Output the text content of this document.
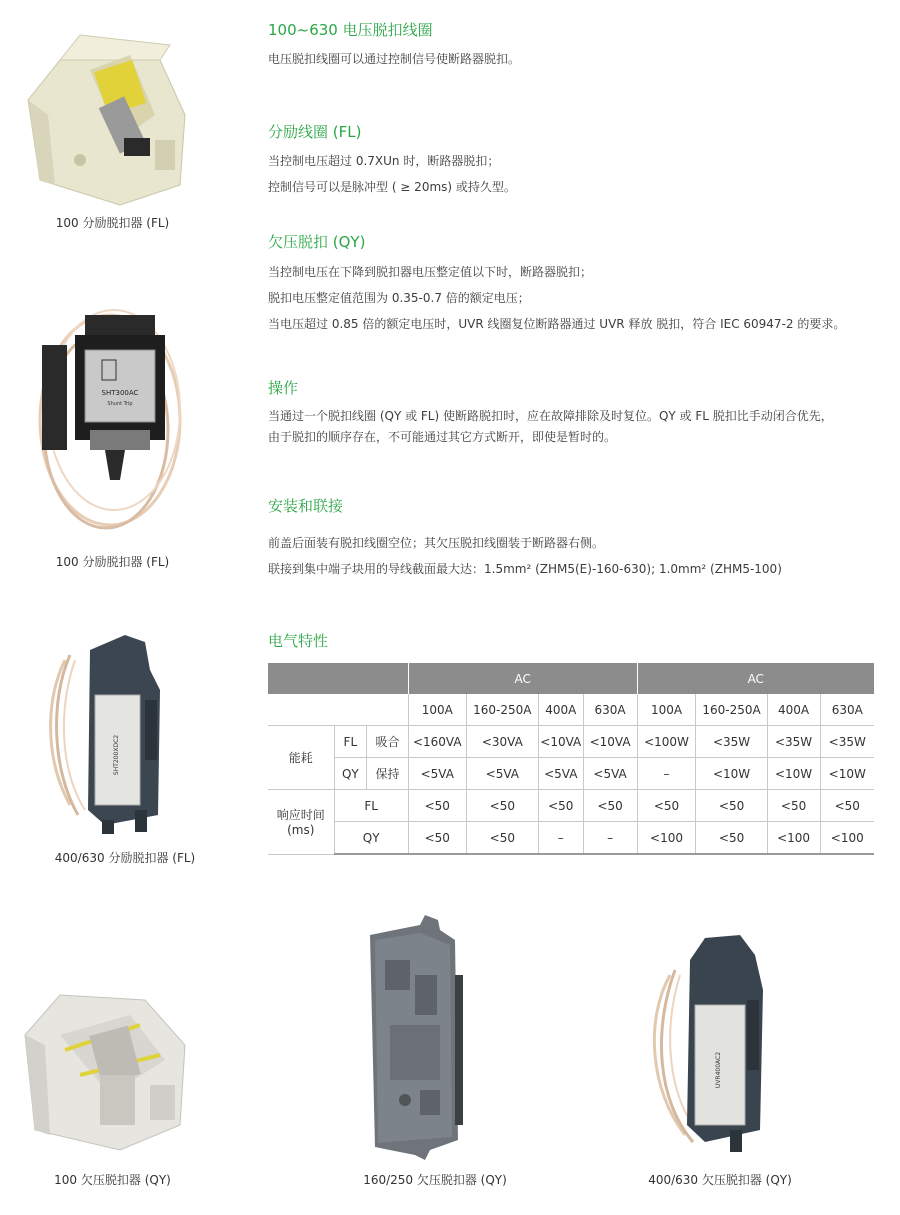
100 分励脱扣器 (FL)
SHT300AC
Shunt Trip
100 分励脱扣器 (FL)
SHT200XDC2
400/630 分励脱扣器 (FL)
100 欠压脱扣器 (QY)	160/250 欠压脱扣器 (QY)
UVR400AC2
400/630 欠压脱扣器 (QY)
100~630 电压脱扣线圈
电压脱扣线圈可以通过控制信号使断路器脱扣。
分励线圈 (FL)
当控制电压超过 0.7XUn 时，断路器脱扣；
控制信号可以是脉冲型 ( ≥ 20ms) 或持久型。
欠压脱扣 (QY)
当控制电压在下降到脱扣器电压整定值以下时，断路器脱扣；
脱扣电压整定值范围为 0.35-0.7 倍的额定电压；
当电压超过 0.85 倍的额定电压时，UVR 线圈复位断路器通过 UVR 释放 脱扣，符合 IEC 60947-2 的要求。
操作
当通过一个脱扣线圈 (QY 或 FL) 使断路脱扣时，应在故障排除及时复位。QY 或 FL 脱扣比手动闭合优先，
由于脱扣的顺序存在，不可能通过其它方式断开，即使是暂时的。
安装和联接
前盖后面装有脱扣线圈空位；其欠压脱扣线圈装于断路器右侧。
联接到集中端子块用的导线截面最大达：1.5mm² (ZHM5(E)-160-630); 1.0mm² (ZHM5-100)
电气特性
			AC				AC			
			100A	160-250A	400A	630A	100A	160-250A	400A	630A
能耗	FL	吸合	<160VA	<30VA	<10VA	<10VA	<100W	<35W	<35W	<35W
	QY	保持	<5VA	<5VA	<5VA	<5VA	–	<10W	<10W	<10W

响应时间
(ms)	FL		<50	<50	<50	<50	<50	<50	<50	<50
	QY		<50	<50	–	–	<100	<50	<100	<100
